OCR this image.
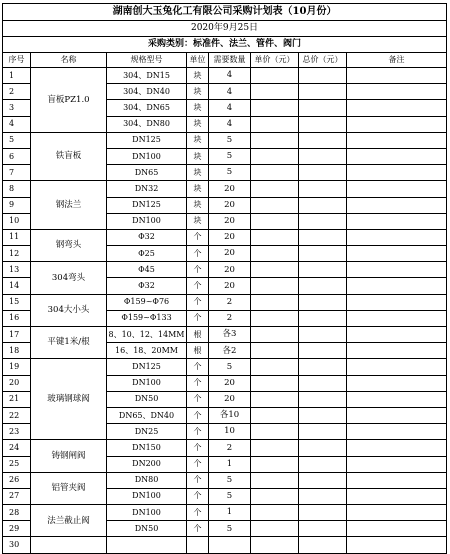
湖南创大玉兔化工有限公司采购计划表（10月份）							
2020年9月25日							
采购类别：标准件、法兰、管件、阀门							
序号	名称	规格型号	单位	需要数量	单价（元）	总价（元）	备注
1	盲板PZ1.0	304、DN15	块	4			
2		304、DN40	块	4			
3		304、DN65	块	4			
4		304、DN80	块	4			
5	铁盲板	DN125	块	5			
6		DN100	块	5			
7		DN65	块	5			
8	钢法兰	DN32	块	20			
9		DN125	块	20			
10		DN100	块	20			
11	钢弯头	Φ32	个	20			
12		Φ25	个	20			
13	304弯头	Φ45	个	20			
14		Φ32	个	20			
15	304大小头	Φ159~Φ76	个	2			
16		Φ159~Φ133	个	2			
17	平键1米/根	8、10、12、14MM	根	各3			
18		16、18、20MM	根	各2			
19	玻璃钢球阀	DN125	个	5			
20		DN100	个	20			
21		DN50	个	20			
22		DN65、DN40	个	各10			
23		DN25	个	10			
24	铸钢闸阀	DN150	个	2			
25		DN200	个	1			
26	铝管夹阀	DN80	个	5			
27		DN100	个	5			
28	法兰截止阀	DN100	个	1			
29		DN50	个	5			
30							
